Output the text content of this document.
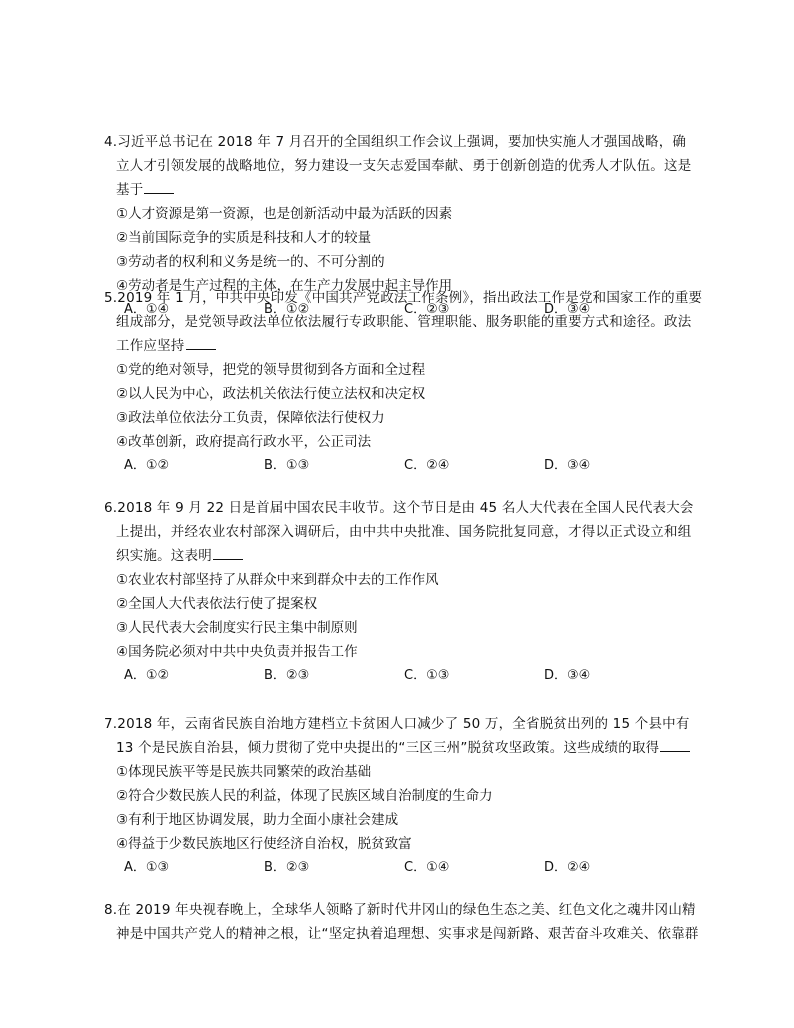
4.习近平总书记在 2018 年 7 月召开的全国组织工作会议上强调，要加快实施人才强国战略，确
立人才引领发展的战略地位，努力建设一支矢志爱国奉献、勇于创新创造的优秀人才队伍。这是
基于

①人才资源是第一资源，也是创新活动中最为活跃的因素

②当前国际竞争的实质是科技和人才的较量

③劳动者的权利和义务是统一的、不可分割的

④劳动者是生产过程的主体，在生产力发展中起主导作用

A．①④	B．①②	C．②③	D．③④

5.2019 年 1 月，中共中央印发《中国共产党政法工作条例》，指出政法工作是党和国家工作的重要
组成部分，是党领导政法单位依法履行专政职能、管理职能、服务职能的重要方式和途径。政法
工作应坚持

①党的绝对领导，把党的领导贯彻到各方面和全过程

②以人民为中心，政法机关依法行使立法权和决定权

③政法单位依法分工负责，保障依法行使权力

④改革创新，政府提高行政水平，公正司法

A．①②	B．①③	C．②④	D．③④

6.2018 年 9 月 22 日是首届中国农民丰收节。这个节日是由 45 名人大代表在全国人民代表大会
上提出，并经农业农村部深入调研后，由中共中央批准、国务院批复同意，才得以正式设立和组
织实施。这表明

①农业农村部坚持了从群众中来到群众中去的工作作风

②全国人大代表依法行使了提案权

③人民代表大会制度实行民主集中制原则

④国务院必须对中共中央负责并报告工作

A．①②	B．②③	C．①③	D．③④

7.2018 年，云南省民族自治地方建档立卡贫困人口减少了 50 万，全省脱贫出列的 15 个县中有
13 个是民族自治县，倾力贯彻了党中央提出的“三区三州”脱贫攻坚政策。这些成绩的取得

①体现民族平等是民族共同繁荣的政治基础

②符合少数民族人民的利益，体现了民族区域自治制度的生命力

③有利于地区协调发展，助力全面小康社会建成

④得益于少数民族地区行使经济自治权，脱贫致富

A．①③	B．②③	C．①④	D．②④

8.在 2019 年央视春晚上，全球华人领略了新时代井冈山的绿色生态之美、红色文化之魂井冈山精
神是中国共产党人的精神之根，让“坚定执着追理想、实事求是闯新路、艰苦奋斗攻难关、依靠群
